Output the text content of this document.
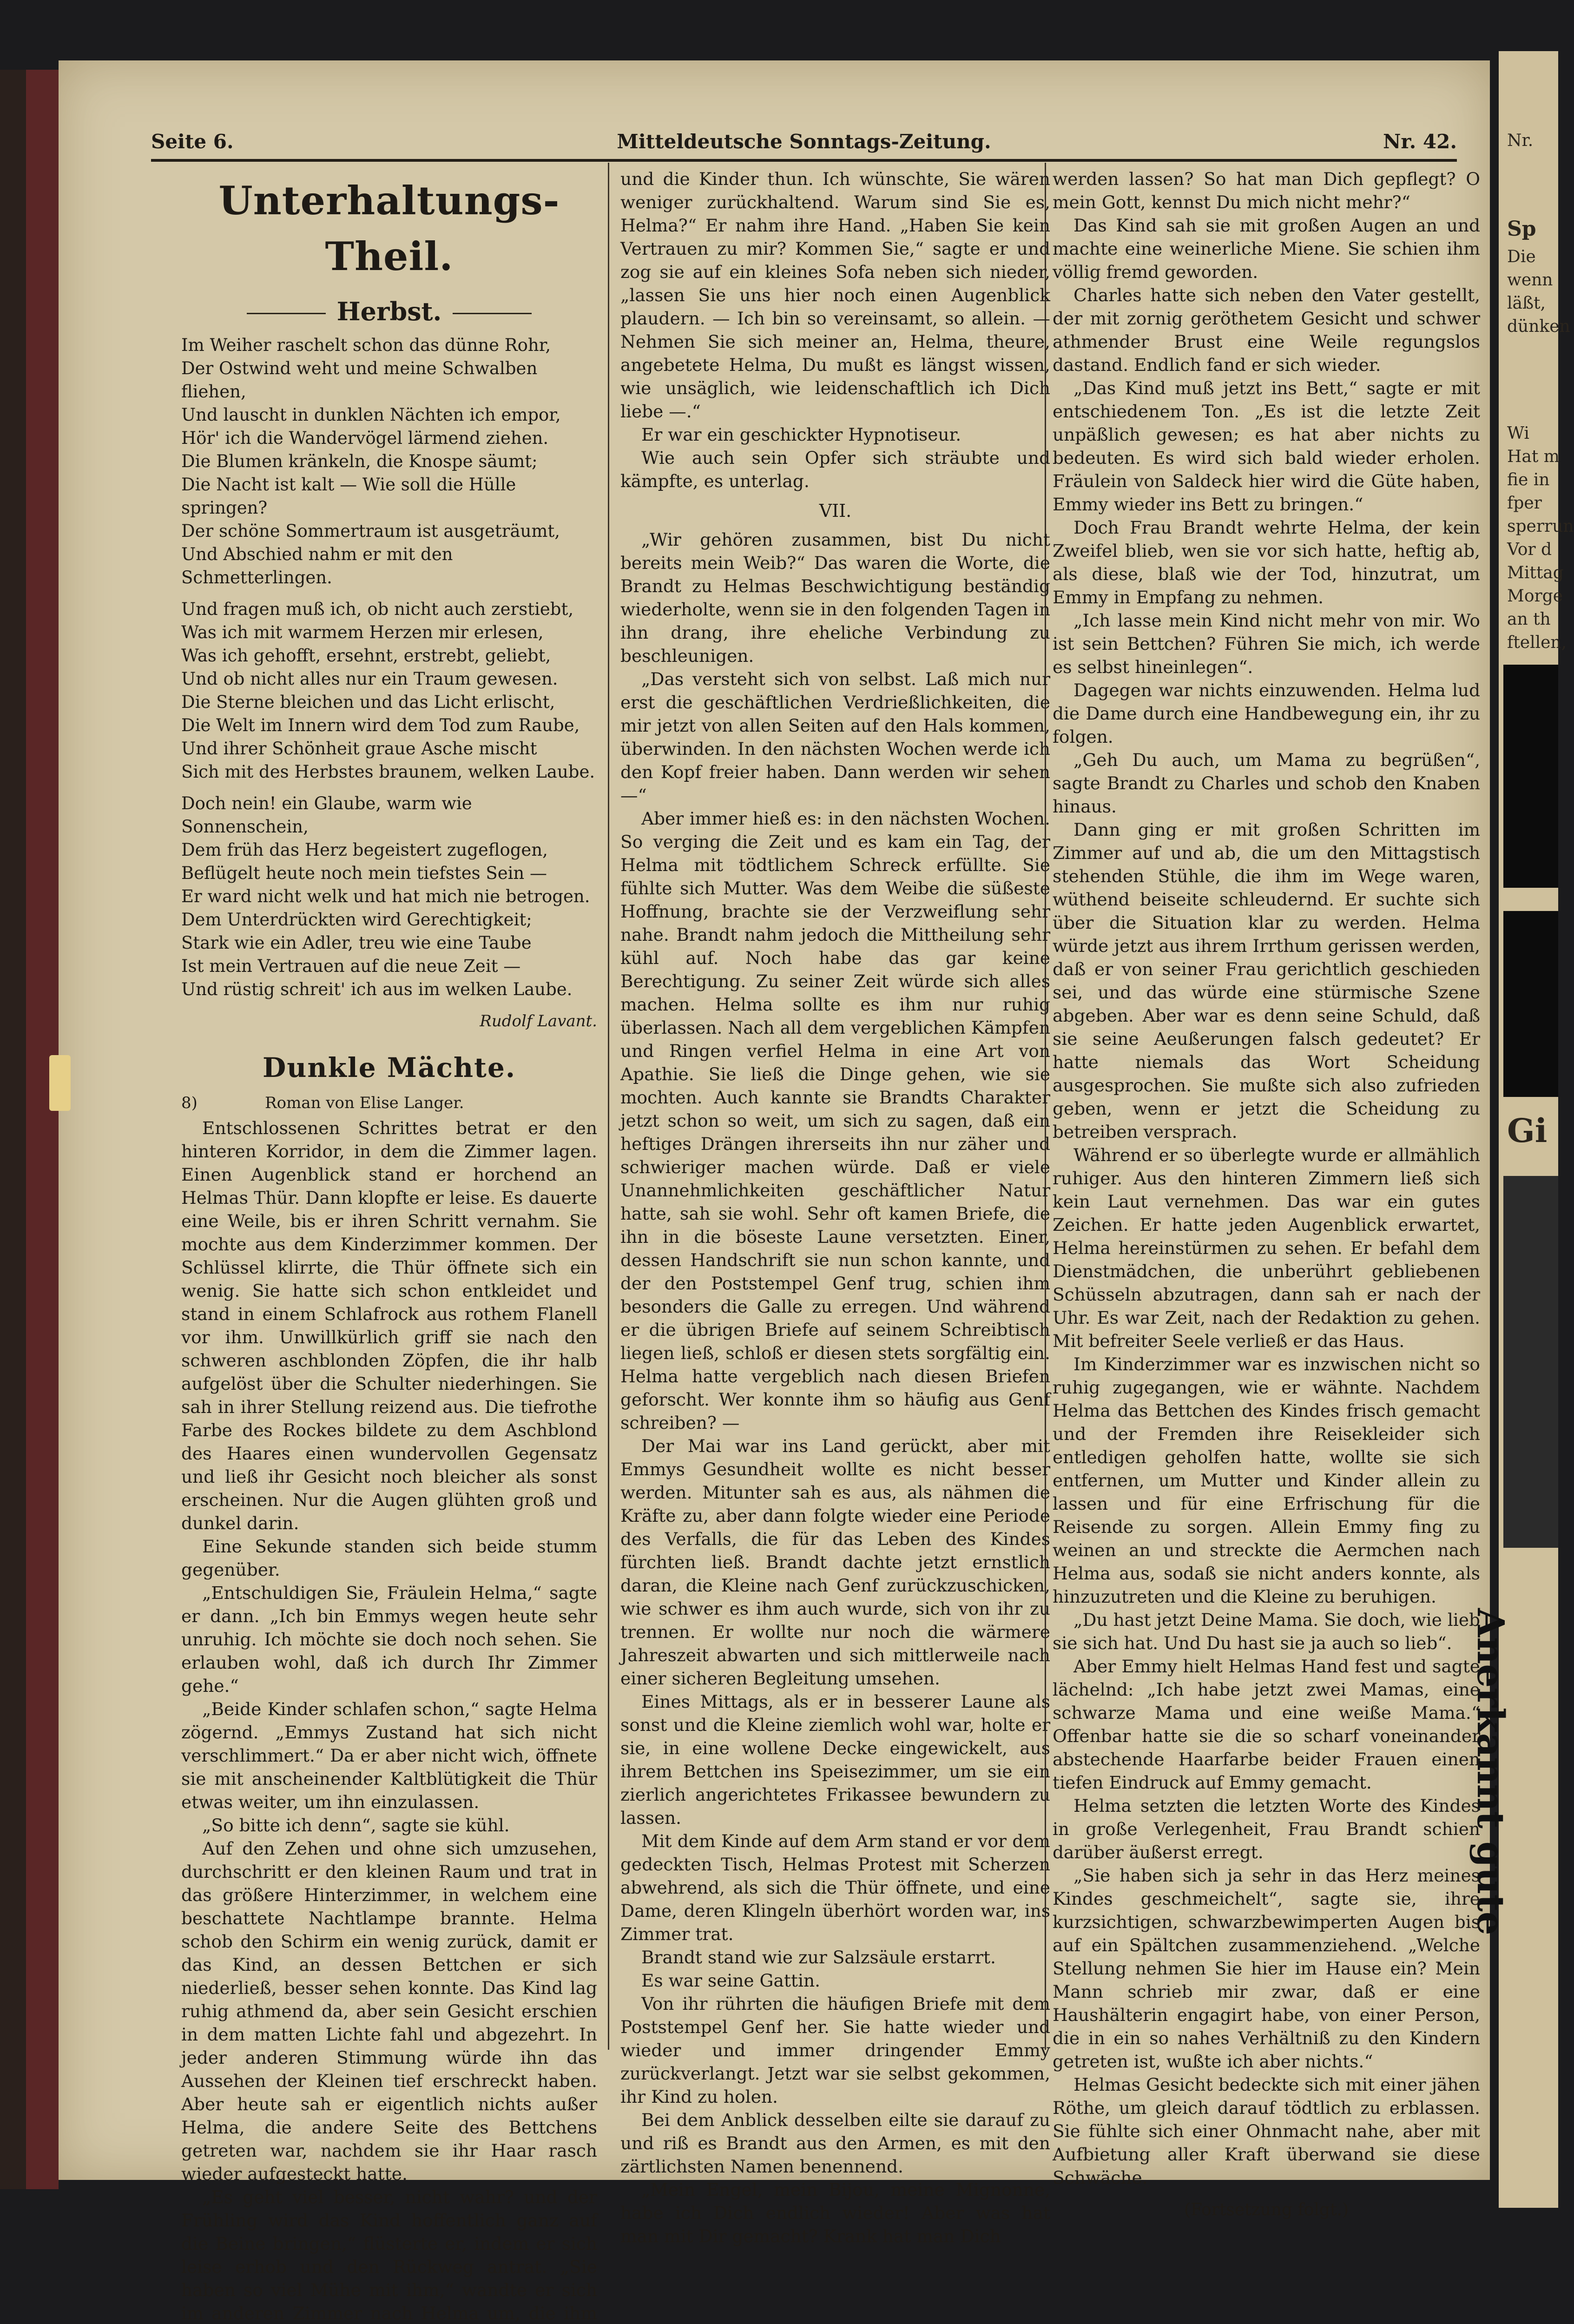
Nr.
Sp
Die
wenn
läßt,
dünken
Wi
Hat m
fie in
fper
sperrun
Vor d
Mittag
Morge
an th
ftellen,
Gi
Anerkannt gute
Mitteldeutsche Sonntags-Zeitung.
Seite 6.	Nr. 42.
Unterhaltungs-Theil.
Herbst.

Im Weiher raschelt schon das dünne Rohr,

Der Ostwind weht und meine Schwalben fliehen,

Und lauscht in dunklen Nächten ich empor,

Hör' ich die Wandervögel lärmend ziehen.

Die Blumen kränkeln, die Knospe säumt;

Die Nacht ist kalt — Wie soll die Hülle springen?

Der schöne Sommertraum ist ausgeträumt,

Und Abschied nahm er mit den Schmetterlingen.

Und fragen muß ich, ob nicht auch zerstiebt,

Was ich mit warmem Herzen mir erlesen,

Was ich gehofft, ersehnt, erstrebt, geliebt,

Und ob nicht alles nur ein Traum gewesen.

Die Sterne bleichen und das Licht erlischt,

Die Welt im Innern wird dem Tod zum Raube,

Und ihrer Schönheit graue Asche mischt

Sich mit des Herbstes braunem, welken Laube.

Doch nein! ein Glaube, warm wie Sonnenschein,

Dem früh das Herz begeistert zugeflogen,

Beflügelt heute noch mein tiefstes Sein —

Er ward nicht welk und hat mich nie betrogen.

Dem Unterdrückten wird Gerechtigkeit;

Stark wie ein Adler, treu wie eine Taube

Ist mein Vertrauen auf die neue Zeit —

Und rüstig schreit' ich aus im welken Laube.

Rudolf Lavant.
Dunkle Mächte.
8)	Roman von Elise Langer.

Entschlossenen Schrittes betrat er den hinteren Korridor, in dem die Zimmer lagen. Einen Augenblick stand er horchend an Helmas Thür. Dann klopfte er leise. Es dauerte eine Weile, bis er ihren Schritt vernahm. Sie mochte aus dem Kinderzimmer kommen. Der Schlüssel klirrte, die Thür öffnete sich ein wenig. Sie hatte sich schon entkleidet und stand in einem Schlafrock aus rothem Flanell vor ihm. Unwillkürlich griff sie nach den schweren aschblonden Zöpfen, die ihr halb aufgelöst über die Schulter niederhingen. Sie sah in ihrer Stellung reizend aus. Die tiefrothe Farbe des Rockes bildete zu dem Aschblond des Haares einen wundervollen Gegensatz und ließ ihr Gesicht noch bleicher als sonst erscheinen. Nur die Augen glühten groß und dunkel darin.

Eine Sekunde standen sich beide stumm gegenüber.

„Entschuldigen Sie, Fräulein Helma,“ sagte er dann. „Ich bin Emmys wegen heute sehr unruhig. Ich möchte sie doch noch sehen. Sie erlauben wohl, daß ich durch Ihr Zimmer gehe.“

„Beide Kinder schlafen schon,“ sagte Helma zögernd. „Emmys Zustand hat sich nicht verschlimmert.“ Da er aber nicht wich, öffnete sie mit anscheinender Kaltblütigkeit die Thür etwas weiter, um ihn einzulassen.

„So bitte ich denn“, sagte sie kühl.

Auf den Zehen und ohne sich umzusehen, durchschritt er den kleinen Raum und trat in das größere Hinterzimmer, in welchem eine beschattete Nachtlampe brannte. Helma schob den Schirm ein wenig zurück, damit er das Kind, an dessen Bettchen er sich niederließ, besser sehen konnte. Das Kind lag ruhig athmend da, aber sein Gesicht erschien in dem matten Lichte fahl und abgezehrt. In jeder anderen Stimmung würde ihn das Aussehen der Kleinen tief erschreckt haben. Aber heute sah er eigentlich nichts außer Helma, die andere Seite des Bettchens getreten war, nachdem sie ihr Haar rasch wieder aufgesteckt hatte.

„Es geht viel besser, nicht wahr? und der Frühling wird das Kind hoffentlich ganz auf die Beine bringen,“ flüsterte er, indem er sich leise erhob und den Rückweg antrat. „Sie haben so viel Mühe mit ihm,“ wandte er sich im anderen Zimmer nach Helma um, die ihm

und die Kinder thun. Ich wünschte, Sie wären weniger zurückhaltend. Warum sind Sie es, Helma?“ Er nahm ihre Hand. „Haben Sie kein Vertrauen zu mir? Kommen Sie,“ sagte er und zog sie auf ein kleines Sofa neben sich nieder, „lassen Sie uns hier noch einen Augenblick plaudern. — Ich bin so vereinsamt, so allein. — Nehmen Sie sich meiner an, Helma, theure, angebetete Helma, Du mußt es längst wissen, wie unsäglich, wie leidenschaftlich ich Dich liebe —.“

Er war ein geschickter Hypnotiseur.

Wie auch sein Opfer sich sträubte und kämpfte, es unterlag.

VII.

„Wir gehören zusammen, bist Du nicht bereits mein Weib?“ Das waren die Worte, die Brandt zu Helmas Beschwichtigung beständig wiederholte, wenn sie in den folgenden Tagen in ihn drang, ihre eheliche Verbindung zu beschleunigen.

„Das versteht sich von selbst. Laß mich nur erst die geschäftlichen Verdrießlichkeiten, die mir jetzt von allen Seiten auf den Hals kommen, überwinden. In den nächsten Wochen werde ich den Kopf freier haben. Dann werden wir sehen —“

Aber immer hieß es: in den nächsten Wochen. So verging die Zeit und es kam ein Tag, der Helma mit tödtlichem Schreck erfüllte. Sie fühlte sich Mutter. Was dem Weibe die süßeste Hoffnung, brachte sie der Verzweiflung sehr nahe. Brandt nahm jedoch die Mittheilung sehr kühl auf. Noch habe das gar keine Berechtigung. Zu seiner Zeit würde sich alles machen. Helma sollte es ihm nur ruhig überlassen. Nach all dem vergeblichen Kämpfen und Ringen verfiel Helma in eine Art von Apathie. Sie ließ die Dinge gehen, wie sie mochten. Auch kannte sie Brandts Charakter jetzt schon so weit, um sich zu sagen, daß ein heftiges Drängen ihrerseits ihn nur zäher und schwieriger machen würde. Daß er viele Unannehmlichkeiten geschäftlicher Natur hatte, sah sie wohl. Sehr oft kamen Briefe, die ihn in die böseste Laune versetzten. Einer, dessen Handschrift sie nun schon kannte, und der den Poststempel Genf trug, schien ihm besonders die Galle zu erregen. Und während er die übrigen Briefe auf seinem Schreibtisch liegen ließ, schloß er diesen stets sorgfältig ein. Helma hatte vergeblich nach diesen Briefen geforscht. Wer konnte ihm so häufig aus Genf schreiben? —

Der Mai war ins Land gerückt, aber mit Emmys Gesundheit wollte es nicht besser werden. Mitunter sah es aus, als nähmen die Kräfte zu, aber dann folgte wieder eine Periode des Verfalls, die für das Leben des Kindes fürchten ließ. Brandt dachte jetzt ernstlich daran, die Kleine nach Genf zurückzuschicken, wie schwer es ihm auch wurde, sich von ihr zu trennen. Er wollte nur noch die wärmere Jahreszeit abwarten und sich mittlerweile nach einer sicheren Begleitung umsehen.

Eines Mittags, als er in besserer Laune als sonst und die Kleine ziemlich wohl war, holte er sie, in eine wollene Decke eingewickelt, aus ihrem Bettchen ins Speisezimmer, um sie ein zierlich angerichtetes Frikassee bewundern zu lassen.

Mit dem Kinde auf dem Arm stand er vor dem gedeckten Tisch, Helmas Protest mit Scherzen abwehrend, als sich die Thür öffnete, und eine Dame, deren Klingeln überhört worden war, ins Zimmer trat.

Brandt stand wie zur Salzsäule erstarrt.

Es war seine Gattin.

Von ihr rührten die häufigen Briefe mit dem Poststempel Genf her. Sie hatte wieder und wieder und immer dringender Emmy zurückverlangt. Jetzt war sie selbst gekommen, ihr Kind zu holen.

Bei dem Anblick desselben eilte sie darauf zu und riß es Brandt aus den Armen, es mit den zärtlichsten Namen benennend.

„Mein Engel, mein Bijou, meine Mignonne, habe ich Dich endlich wieder! Aber was hat man mit Dir gemacht? Krank hat man Dich

werden lassen? So hat man Dich gepflegt? O mein Gott, kennst Du mich nicht mehr?“

Das Kind sah sie mit großen Augen an und machte eine weinerliche Miene. Sie schien ihm völlig fremd geworden.

Charles hatte sich neben den Vater gestellt, der mit zornig geröthetem Gesicht und schwer athmender Brust eine Weile regungslos dastand. Endlich fand er sich wieder.

„Das Kind muß jetzt ins Bett,“ sagte er mit entschiedenem Ton. „Es ist die letzte Zeit unpäßlich gewesen; es hat aber nichts zu bedeuten. Es wird sich bald wieder erholen. Fräulein von Saldeck hier wird die Güte haben, Emmy wieder ins Bett zu bringen.“

Doch Frau Brandt wehrte Helma, der kein Zweifel blieb, wen sie vor sich hatte, heftig ab, als diese, blaß wie der Tod, hinzutrat, um Emmy in Empfang zu nehmen.

„Ich lasse mein Kind nicht mehr von mir. Wo ist sein Bettchen? Führen Sie mich, ich werde es selbst hineinlegen“.

Dagegen war nichts einzuwenden. Helma lud die Dame durch eine Handbewegung ein, ihr zu folgen.

„Geh Du auch, um Mama zu begrüßen“, sagte Brandt zu Charles und schob den Knaben hinaus.

Dann ging er mit großen Schritten im Zimmer auf und ab, die um den Mittagstisch stehenden Stühle, die ihm im Wege waren, wüthend beiseite schleudernd. Er suchte sich über die Situation klar zu werden. Helma würde jetzt aus ihrem Irrthum gerissen werden, daß er von seiner Frau gerichtlich geschieden sei, und das würde eine stürmische Szene abgeben. Aber war es denn seine Schuld, daß sie seine Aeußerungen falsch gedeutet? Er hatte niemals das Wort Scheidung ausgesprochen. Sie mußte sich also zufrieden geben, wenn er jetzt die Scheidung zu betreiben versprach.

Während er so überlegte wurde er allmählich ruhiger. Aus den hinteren Zimmern ließ sich kein Laut vernehmen. Das war ein gutes Zeichen. Er hatte jeden Augenblick erwartet, Helma hereinstürmen zu sehen. Er befahl dem Dienstmädchen, die unberührt gebliebenen Schüsseln abzutragen, dann sah er nach der Uhr. Es war Zeit, nach der Redaktion zu gehen. Mit befreiter Seele verließ er das Haus.

Im Kinderzimmer war es inzwischen nicht so ruhig zugegangen, wie er wähnte. Nachdem Helma das Bettchen des Kindes frisch gemacht und der Fremden ihre Reisekleider sich entledigen geholfen hatte, wollte sie sich entfernen, um Mutter und Kinder allein zu lassen und für eine Erfrischung für die Reisende zu sorgen. Allein Emmy fing zu weinen an und streckte die Aermchen nach Helma aus, sodaß sie nicht anders konnte, als hinzuzutreten und die Kleine zu beruhigen.

„Du hast jetzt Deine Mama. Sie doch, wie lieb sie sich hat. Und Du hast sie ja auch so lieb“.

Aber Emmy hielt Helmas Hand fest und sagte lächelnd: „Ich habe jetzt zwei Mamas, eine schwarze Mama und eine weiße Mama.“ Offenbar hatte sie die so scharf voneinander abstechende Haarfarbe beider Frauen einen tiefen Eindruck auf Emmy gemacht.

Helma setzten die letzten Worte des Kindes in große Verlegenheit, Frau Brandt schien darüber äußerst erregt.

„Sie haben sich ja sehr in das Herz meines Kindes geschmeichelt“, sagte sie, ihre kurzsichtigen, schwarzbewimperten Augen bis auf ein Spältchen zusammenziehend. „Welche Stellung nehmen Sie hier im Hause ein? Mein Mann schrieb mir zwar, daß er eine Haushälterin engagirt habe, von einer Person, die in ein so nahes Verhältniß zu den Kindern getreten ist, wußte ich aber nichts.“

Helmas Gesicht bedeckte sich mit einer jähen Röthe, um gleich darauf tödtlich zu erblassen. Sie fühlte sich einer Ohnmacht nahe, aber mit Aufbietung aller Kraft überwand sie diese Schwäche.

(Fortsetzung folgt.)
